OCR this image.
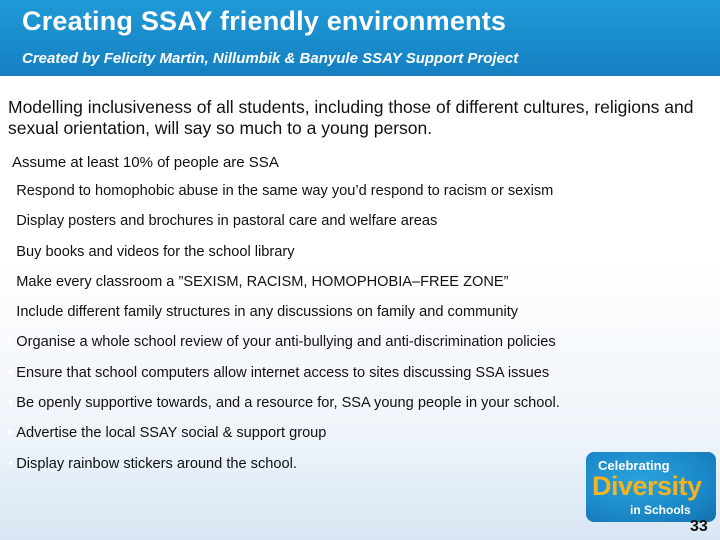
Creating SSAY friendly environments
Created by Felicity Martin, Nillumbik & Banyule SSAY Support Project
Modelling inclusiveness of all students, including those of different cultures, religions and sexual orientation, will say so much to a young person.
Assume at least 10% of people are SSA
• Respond to homophobic abuse in the same way you’d respond to racism or sexism
• Display posters and brochures in pastoral care and welfare areas
• Buy books and videos for the school library
• Make every classroom a ”SEXISM, RACISM, HOMOPHOBIA–FREE ZONE”
• Include different family structures in any discussions on family and community
• Organise a whole school review of your anti-bullying and anti-discrimination policies
• Ensure that school computers allow internet access to sites discussing SSA issues
• Be openly supportive towards, and a resource for, SSA young people in your school.
• Advertise the local SSAY social & support group
• Display rainbow stickers around the school.	Celebrating
Diversity
in Schools
33
